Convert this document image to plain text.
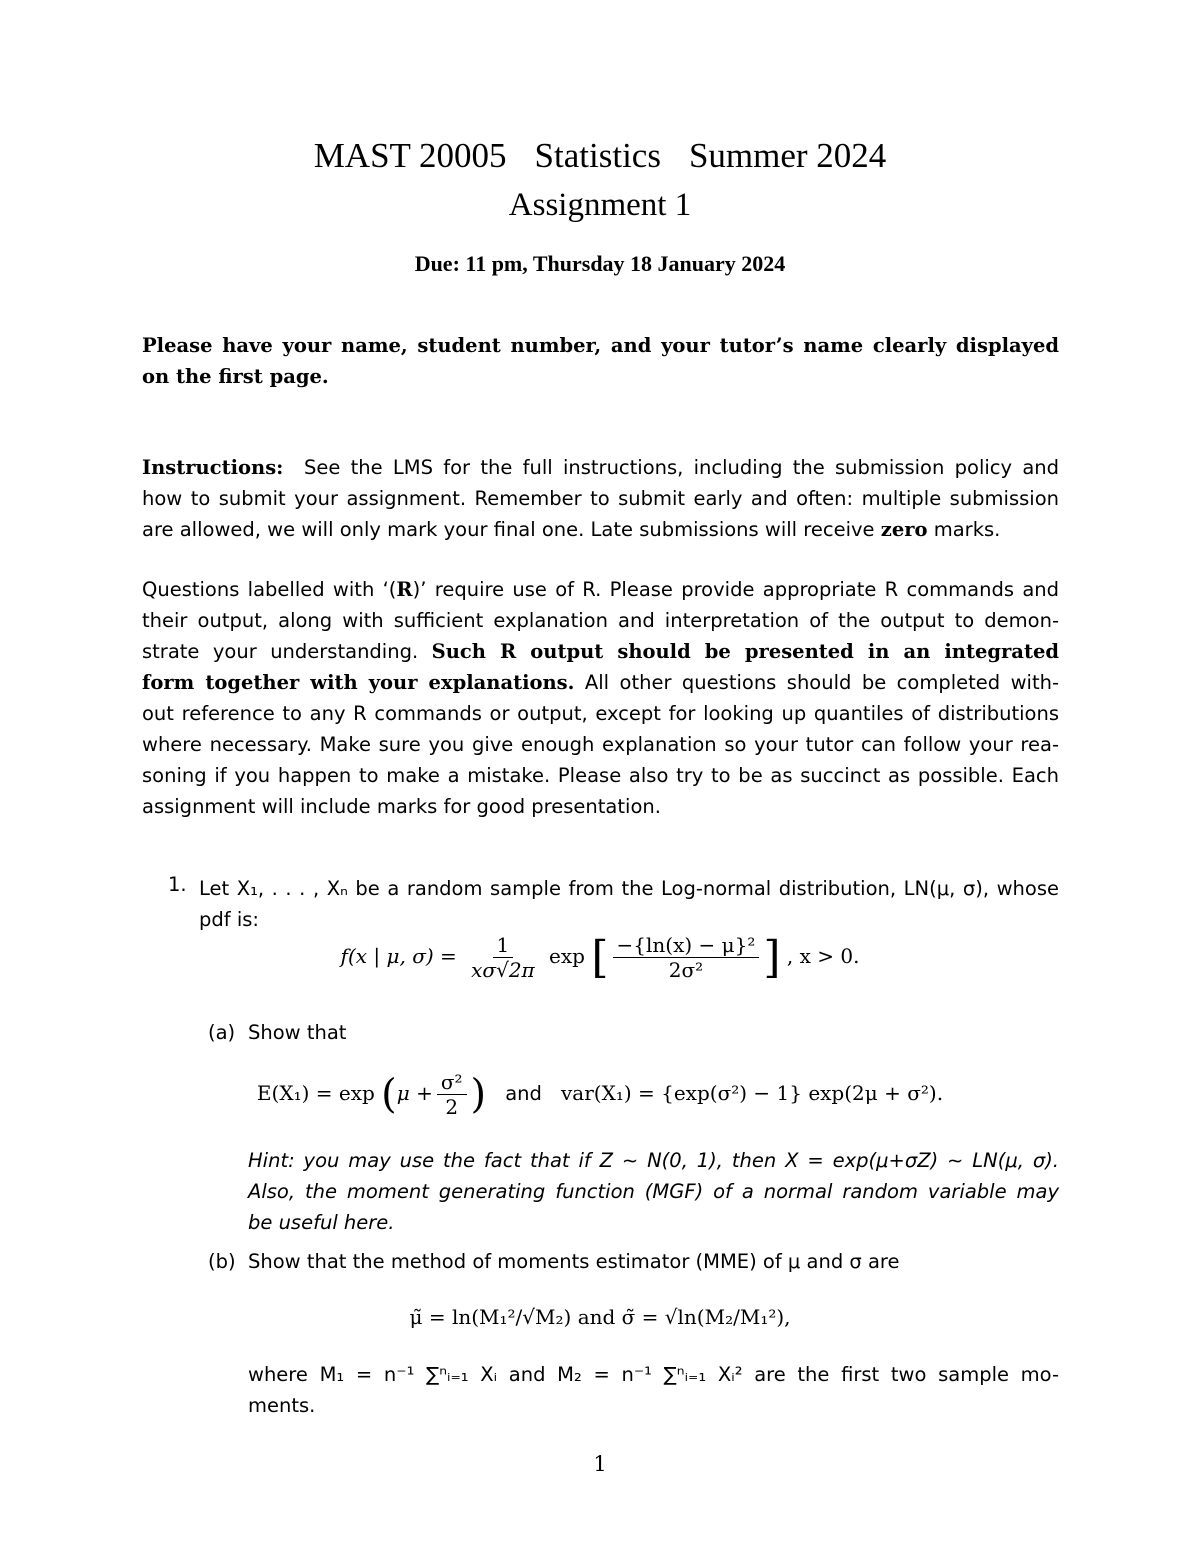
MAST 20005 Statistics Summer 2024
Assignment 1
Due: 11 pm, Thursday 18 January 2024
Please have your name, student number, and your tutor’s name clearly displayed
on the first page.
Instructions: See the LMS for the full instructions, including the submission policy and
how to submit your assignment. Remember to submit early and often: multiple submission
are allowed, we will only mark your final one. Late submissions will receive zero marks.
Questions labelled with ‘(R)’ require use of R. Please provide appropriate R commands and
their output, along with sufficient explanation and interpretation of the output to demon-
strate your understanding. Such R output should be presented in an integrated
form together with your explanations. All other questions should be completed with-
out reference to any R commands or output, except for looking up quantiles of distributions
where necessary. Make sure you give enough explanation so your tutor can follow your rea-
soning if you happen to make a mistake. Please also try to be as succinct as possible. Each
assignment will include marks for good presentation.
1. Let X₁, . . . , Xₙ be a random sample from the Log-normal distribution, LN(μ, σ), whose
pdf is:
f(x | μ, $\sigma) = \frac{1}{x\sigma√2\pi}$ exp [ $\frac{\text{−\{ln(x) − μ\}²}}{\text{2σ²}}$ ] , x > 0.
(a) Show that
$E(X_1) = \exp (\mu + \frac{\text{σ²}}{2}$ ) and var(X₁) = {exp(σ²) − 1} exp(2μ + σ²).
Hint: you may use the fact that if Z ∼ N(0, 1), then X = exp(μ+σZ) ∼ LN(μ, σ).
Also, the moment generating function (MGF) of a normal random variable may
be useful here.
(b) Show that the method of moments estimator (MME) of μ and σ are
μ̃ = ln(M₁²/√M₂) and σ̃ = √ln(M₂/M₁²),
where M₁ = n⁻¹ ∑ⁿᵢ₌₁ Xᵢ and M₂ = n⁻¹ ∑ⁿᵢ₌₁ Xᵢ² are the first two sample mo-
ments.
1
